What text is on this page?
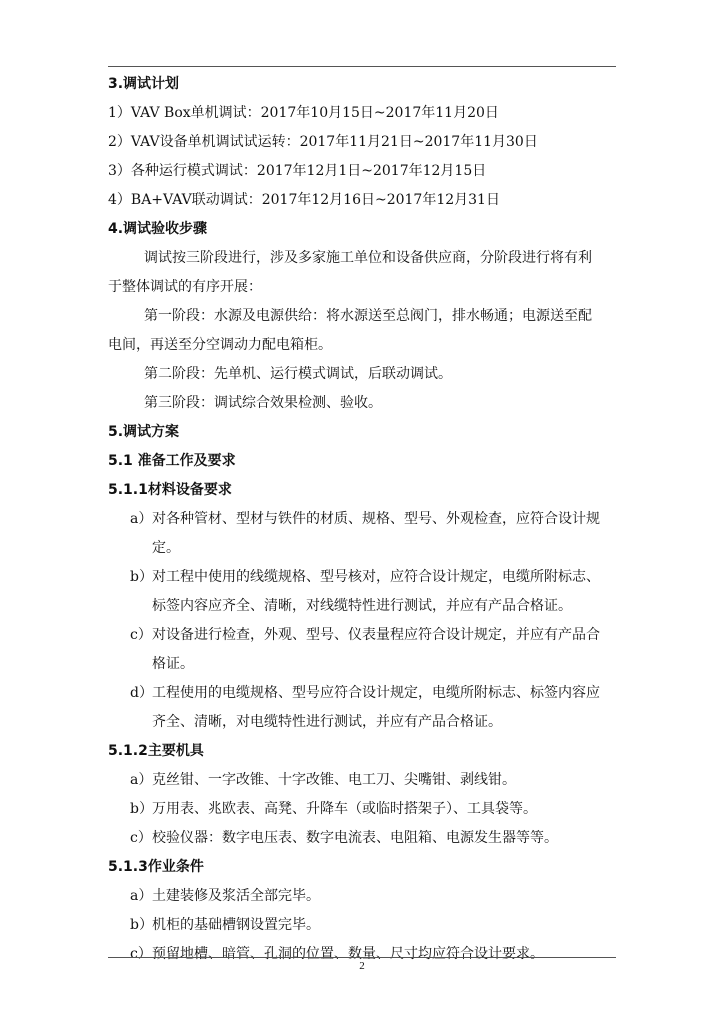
3.调试计划
1）VAV Box单机调试：2017年10月15日~2017年11月20日
2）VAV设备单机调试试运转：2017年11月21日~2017年11月30日
3）各种运行模式调试：2017年12月1日~2017年12月15日
4）BA+VAV联动调试：2017年12月16日~2017年12月31日
4.调试验收步骤
调试按三阶段进行，涉及多家施工单位和设备供应商，分阶段进行将有利
于整体调试的有序开展：
第一阶段：水源及电源供给：将水源送至总阀门，排水畅通；电源送至配
电间，再送至分空调动力配电箱柜。
第二阶段：先单机、运行模式调试，后联动调试。
第三阶段：调试综合效果检测、验收。
5.调试方案
5.1 准备工作及要求
5.1.1材料设备要求
a） 对各种管材、型材与铁件的材质、规格、型号、外观检查，应符合设计规
定。
b） 对工程中使用的线缆规格、型号核对，应符合设计规定，电缆所附标志、
标签内容应齐全、清晰，对线缆特性进行测试，并应有产品合格证。
c） 对设备进行检查，外观、型号、仪表量程应符合设计规定，并应有产品合
格证。
d） 工程使用的电缆规格、型号应符合设计规定，电缆所附标志、标签内容应
齐全、清晰，对电缆特性进行测试，并应有产品合格证。
5.1.2主要机具
a） 克丝钳、一字改锥、十字改锥、电工刀、尖嘴钳、剥线钳。
b） 万用表、兆欧表、高凳、升降车（或临时搭架子）、工具袋等。
c） 校验仪器：数字电压表、数字电流表、电阻箱、电源发生器等等。
5.1.3作业条件
a） 土建装修及浆活全部完毕。
b） 机柜的基础槽钢设置完毕。
c） 预留地槽、暗管、孔洞的位置、数量、尺寸均应符合设计要求。
2
